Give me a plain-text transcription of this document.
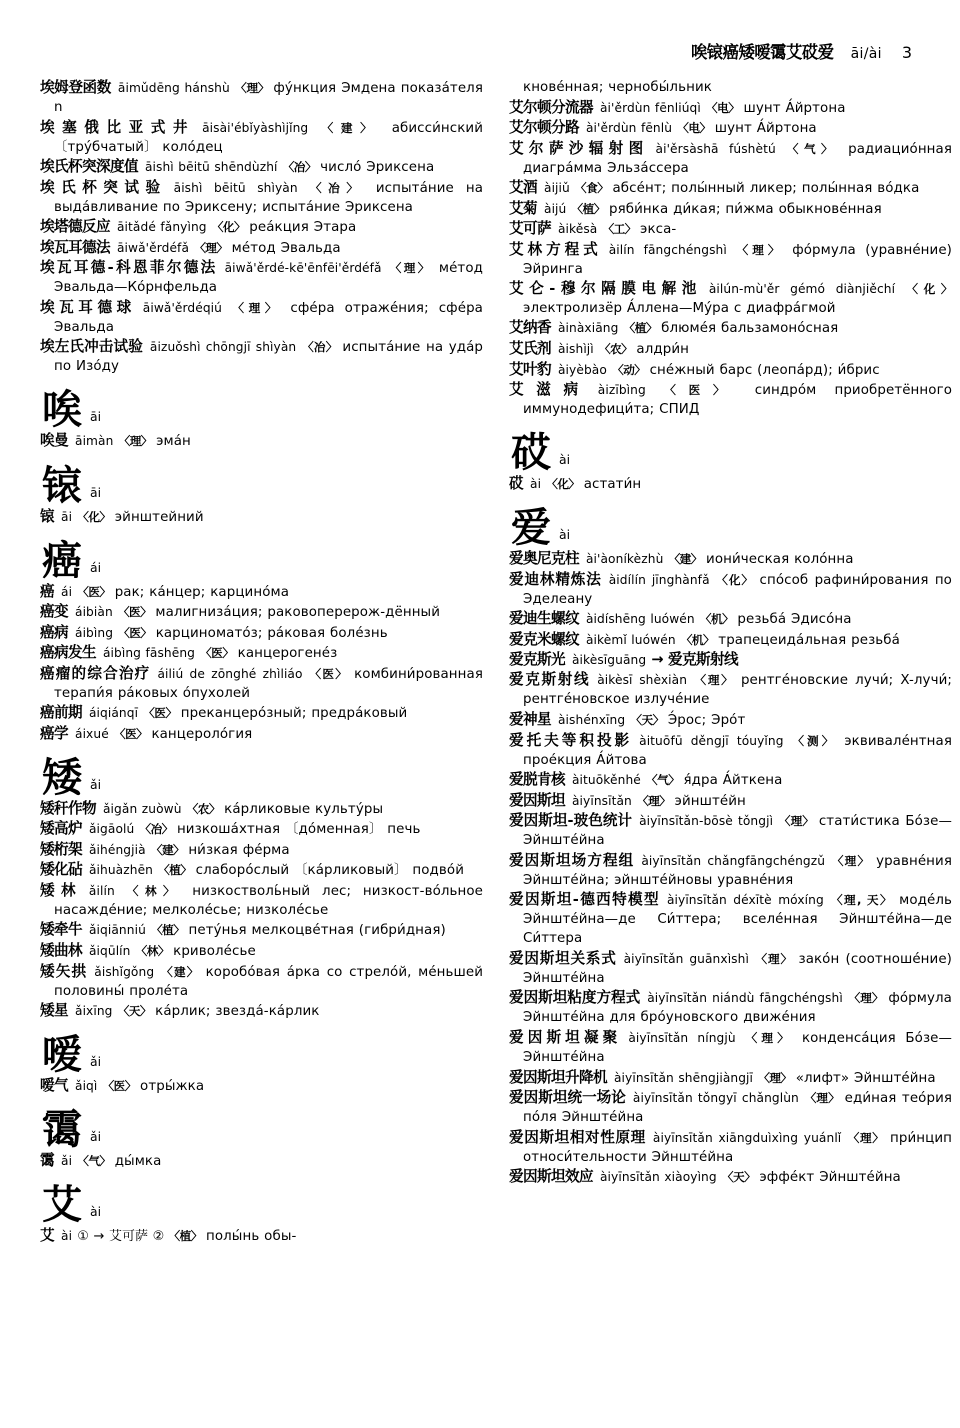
唉锿癌矮嗳霭艾砹爱 āi/ài	3
埃姆登函数 āimǔdēng hánshù 〈理〉 фу́нкция Эмдена показа́теля n
埃塞俄比亚式井 āisài'ébǐyàshìjǐng 〈建〉 абисси́нский 〔тру́бчатый〕 коло́дец
埃氏杯突深度值 āishì bēitū shēndùzhí 〈冶〉 число́ Эриксена
埃氏杯突试验 āishì bēitū shìyàn 〈冶〉 испыта́ние на выда́вливание по Эриксену; испыта́ние Эриксена
埃塔德反应 āitǎdé fǎnyìng 〈化〉 реа́кция Этара
埃瓦耳德法 āiwǎ'ěrdéfǎ 〈理〉 ме́тод Эвальда
埃瓦耳德-科恩菲尔德法 āiwǎ'ěrdé-kē'ēnfēi'ěrdéfǎ 〈理〉 ме́тод Эвальда—Ко́рнфельда
埃瓦耳德球 āiwǎ'ěrdéqiú 〈理〉 сфе́ра отраже́ния; сфе́ра Эвальда
埃左氏冲击试验 āizuǒshì chōngjī shìyàn 〈冶〉 испыта́ние на уда́р по Изо́ду
唉 āi
唉曼 āimàn 〈理〉 эма́н
锿 āi
锿 āi 〈化〉 эйнштейний
癌 ái
癌 ái 〈医〉 рак; ка́нцер; карцино́ма
癌变 áibiàn 〈医〉 малигниза́ция; раковоперерож-дённый
癌病 áibìng 〈医〉 карциномато́з; ра́ковая боле́знь
癌病发生 áibìng fāshēng 〈医〉 канцерогене́з
癌瘤的综合治疗 áiliú de zōnghé zhìliáo 〈医〉 комбини́рованная терапи́я ра́ковых о́пухолей
癌前期 áiqiánqī 〈医〉 преканцеро́зный; предра́ковый
癌学 áixué 〈医〉 канцероло́гия
矮 ǎi
矮秆作物 ǎigǎn zuòwù 〈农〉 ка́рликовые культу́ры
矮高炉 ǎigāolú 〈冶〉 низкоша́хтная 〔до́менная〕 печь
矮桁架 ǎihéngjià 〈建〉 ни́зкая фе́рма
矮化砧 ǎihuàzhēn 〈植〉 слаборо́слый 〔ка́рликовый〕 подво́й
矮林 ǎilín 〈林〉 низкостволь́ный лес; низкост-во́льное насажде́ние; мелколе́сье; низколе́сье
矮牵牛 ǎiqiānniú 〈植〉 пету́нья мелкоцве́тная (гибри́дная)
矮曲林 ǎiqūlín 〈林〉 криволе́сье
矮矢拱 ǎishǐgǒng 〈建〉 коробо́вая а́рка со стрело́й, ме́ньшей половины́ проле́та
矮星 ǎixīng 〈天〉 ка́рлик; звезда́-ка́рлик
嗳 ǎi
嗳气 ǎiqì 〈医〉 отры́жка
霭 ǎi
霭 ǎi 〈气〉 ды́мка
艾 ài
艾 ài ① → 艾可萨 ② 〈植〉 полы́нь обы-
кнове́нная; чернобы́льник
艾尔顿分流器 ài'ěrdùn fēnliúqì 〈电〉 шунт А́йртона
艾尔顿分路 ài'ěrdùn fēnlù 〈电〉 шунт А́йртона
艾尔萨沙辐射图 ài'ěrsàshā fúshètú 〈气〉 радиацио́нная диагра́мма Эльза́ссера
艾酒 àijiǔ 〈食〉 абсе́нт; полы́нный ликер; полы́нная во́дка
艾菊 àijú 〈植〉 ряби́нка ди́кая; пи́жма обыкнове́нная
艾可萨 àikěsà 〈工〉 экса-
艾林方程式 àilín fāngchéngshì 〈理〉 фо́рмула (уравне́ние) Эйринга
艾仑-穆尔隔膜电解池 àilún-mù'ěr gémó diànjiěchí 〈化〉 электролизёр А́ллена—Му́ра с диафра́гмой
艾纳香 àinàxiāng 〈植〉 блюме́я бальзамоно́сная
艾氏剂 àishìjì 〈农〉 алдри́н
艾叶豹 àiyèbào 〈动〉 сне́жный барс (леопа́рд); и́брис
艾滋病 àizībìng 〈医〉 синдро́м приобретённого иммунодефици́та; СПИД
砹 ài
砹 ài 〈化〉 астати́н
爱 ài
爱奥尼克柱 ài'àoníkèzhù 〈建〉 иони́ческая коло́нна
爱迪林精炼法 àidílín jīnghànfǎ 〈化〉 спо́соб рафини́рования по Эделеану
爱迪生螺纹 àidíshēng luówén 〈机〉 резьба́ Эдисо́на
爱克米螺纹 àikèmǐ luówén 〈机〉 трапецеида́льная резьба́
爱克斯光 àikèsīguāng → 爱克斯射线
爱克斯射线 àikèsī shèxiàn 〈理〉 рентге́новские лучи́; X-лучи́; рентге́новское излуче́ние
爱神星 àishénxīng 〈天〉 Э́рос; Эро́т
爱托夫等积投影 àituōfū děngjī tóuyǐng 〈测〉 эквивале́нтная прое́кция А́йтова
爱脱肯核 àituōkěnhé 〈气〉 я́дра А́йткена
爱因斯坦 àiyīnsītǎn 〈理〉 эйнште́йн
爱因斯坦-玻色统计 àiyīnsītǎn-bōsè tǒngjì 〈理〉 стати́стика Бо́зе—Эйнште́йна
爱因斯坦场方程组 àiyīnsītǎn chǎngfāngchéngzǔ 〈理〉 уравне́ния Эйнште́йна; эйнште́йновы уравне́ния
爱因斯坦-德西特模型 àiyīnsītǎn déxītè móxíng 〈理, 天〉 моде́ль Эйнште́йна—де Си́ттера; вселе́нная Эйнште́йна—де Си́ттера
爱因斯坦关系式 àiyīnsītǎn guānxìshì 〈理〉 зако́н (соотноше́ние) Эйнште́йна
爱因斯坦粘度方程式 àiyīnsītǎn niándù fāngchéngshì 〈理〉 фо́рмула Эйнште́йна для бро́уновского движе́ния
爱因斯坦凝聚 àiyīnsītǎn níngjù 〈理〉 конденса́ция Бо́зе—Эйнште́йна
爱因斯坦升降机 àiyīnsītǎn shēngjiàngjī 〈理〉 «лифт» Эйнште́йна
爱因斯坦统一场论 àiyīnsītǎn tǒngyī chǎnglùn 〈理〉 еди́ная тео́рия по́ля Эйнште́йна
爱因斯坦相对性原理 àiyīnsītǎn xiāngduìxìng yuánlǐ 〈理〉 при́нцип относи́тельности Эйнште́йна
爱因斯坦效应 àiyīnsītǎn xiàoyìng 〈天〉 эффе́кт Эйнште́йна
